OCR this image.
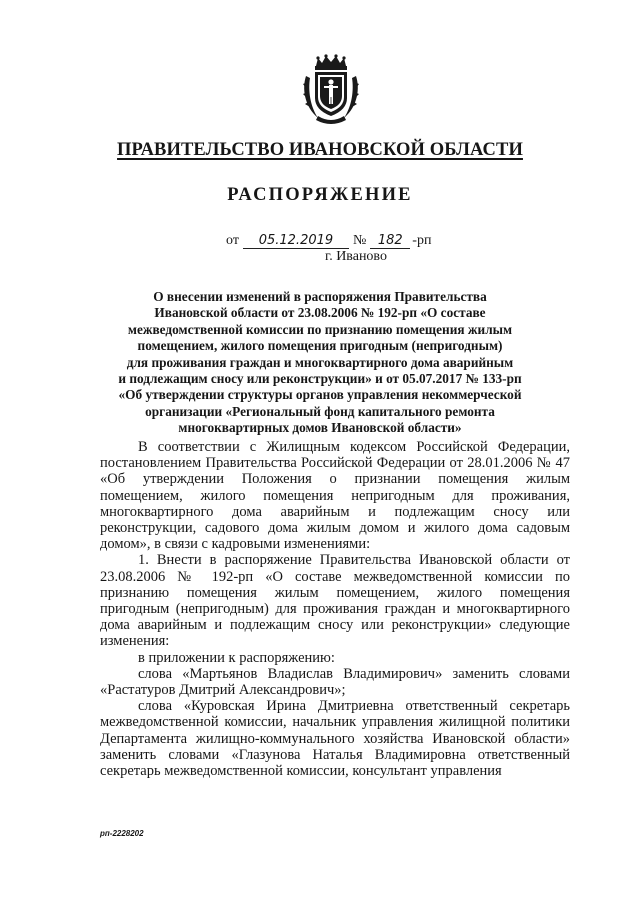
ПРАВИТЕЛЬСТВО ИВАНОВСКОЙ ОБЛАСТИ
РАСПОРЯЖЕНИЕ
от 05.12.2019 № 182 -рп
г. Иваново
О внесении изменений в распоряжения Правительства
Ивановской области от 23.08.2006 № 192-рп «О составе
межведомственной комиссии по признанию помещения жилым
помещением, жилого помещения пригодным (непригодным)
для проживания граждан и многоквартирного дома аварийным
и подлежащим сносу или реконструкции» и от 05.07.2017 № 133-рп
«Об утверждении структуры органов управления некоммерческой
организации «Региональный фонд капитального ремонта
многоквартирных домов Ивановской области»

В соответствии с Жилищным кодексом Российской Федерации, постановлением Правительства Российской Федерации от 28.01.2006 № 47 «Об утверждении Положения о признании помещения жилым помещением, жилого помещения непригодным для проживания, многоквартирного дома аварийным и подлежащим сносу или реконструкции, садового дома жилым домом и жилого дома садовым домом», в связи с кадровыми изменениями:

1. Внести в распоряжение Правительства Ивановской области от 23.08.2006 № 192-рп «О составе межведомственной комиссии по признанию помещения жилым помещением, жилого помещения пригодным (непригодным) для проживания граждан и многоквартирного дома аварийным и подлежащим сносу или реконструкции» следующие изменения:

в приложении к распоряжению:

слова «Мартьянов Владислав Владимирович» заменить словами «Растатуров Дмитрий Александрович»;

слова «Куровская Ирина Дмитриевна ответственный секретарь межведомственной комиссии, начальник управления жилищной политики Департамента жилищно-коммунального хозяйства Ивановской области» заменить словами «Глазунова Наталья Владимировна ответственный секретарь межведомственной комиссии, консультант управления

рп-2228202
